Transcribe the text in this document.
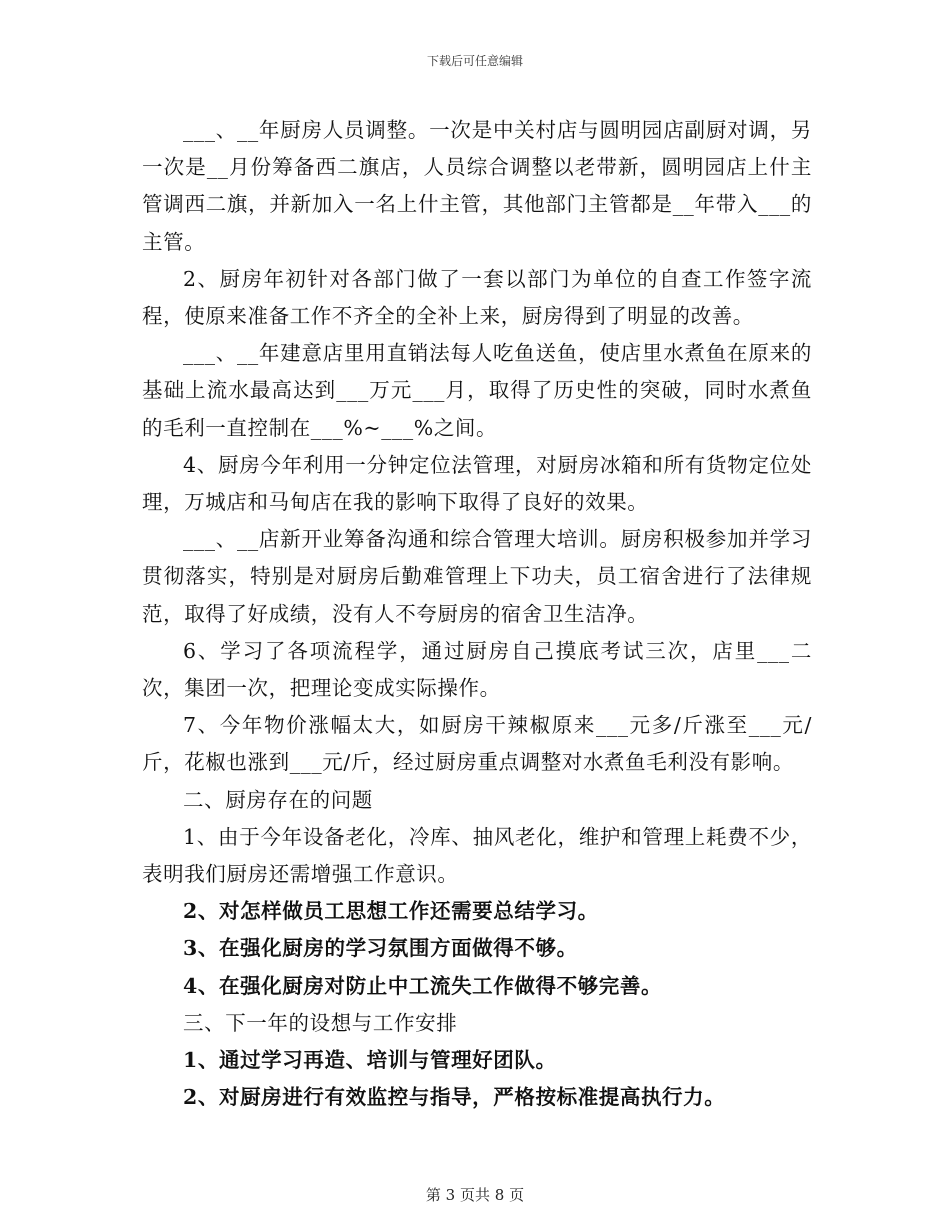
下载后可任意编辑

___、__年厨房人员调整。一次是中关村店与圆明园店副厨对调，另一次是__月份筹备西二旗店，人员综合调整以老带新，圆明园店上什主管调西二旗，并新加入一名上什主管，其他部门主管都是__年带入___的主管。

2、厨房年初针对各部门做了一套以部门为单位的自查工作签字流程，使原来准备工作不齐全的全补上来，厨房得到了明显的改善。

___、__年建意店里用直销法每人吃鱼送鱼，使店里水煮鱼在原来的基础上流水最高达到___万元___月，取得了历史性的突破，同时水煮鱼的毛利一直控制在___%~___%之间。

4、厨房今年利用一分钟定位法管理，对厨房冰箱和所有货物定位处理，万城店和马甸店在我的影响下取得了良好的效果。

___、__店新开业筹备沟通和综合管理大培训。厨房积极参加并学习贯彻落实，特别是对厨房后勤难管理上下功夫，员工宿舍进行了法律规范，取得了好成绩，没有人不夸厨房的宿舍卫生洁净。

6、学习了各项流程学，通过厨房自己摸底考试三次，店里___二次，集团一次，把理论变成实际操作。

7、今年物价涨幅太大，如厨房干辣椒原来___元多/斤涨至___元/斤，花椒也涨到___元/斤，经过厨房重点调整对水煮鱼毛利没有影响。

二、厨房存在的问题

1、由于今年设备老化，冷库、抽风老化，维护和管理上耗费不少，表明我们厨房还需增强工作意识。

2、对怎样做员工思想工作还需要总结学习。

3、在强化厨房的学习氛围方面做得不够。

4、在强化厨房对防止中工流失工作做得不够完善。

三、下一年的设想与工作安排

1、通过学习再造、培训与管理好团队。

2、对厨房进行有效监控与指导，严格按标准提高执行力。

第 3 页共 8 页
